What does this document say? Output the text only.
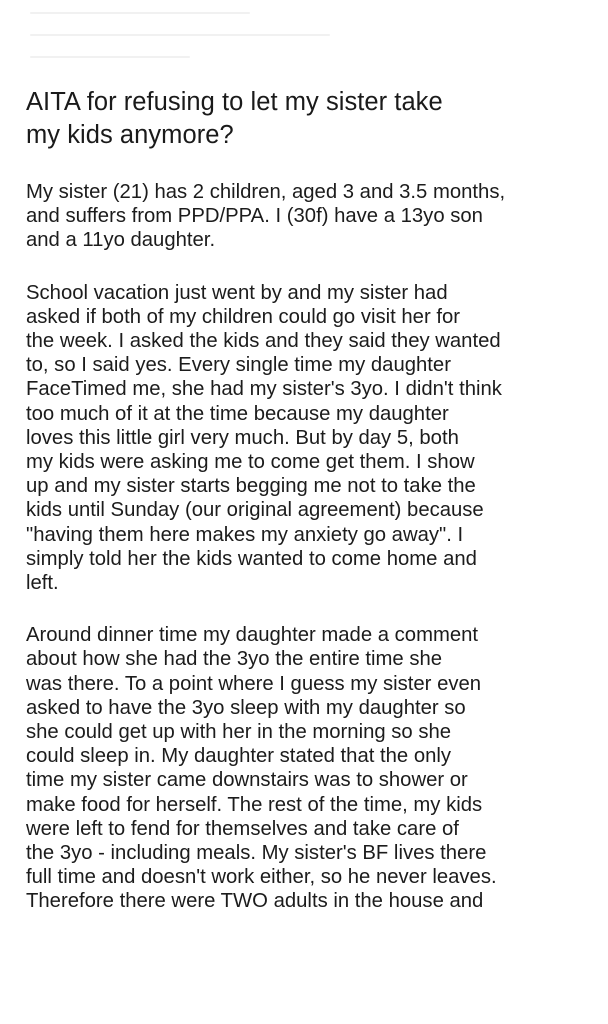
AITA for refusing to let my sister take
my kids anymore?

My sister (21) has 2 children, aged 3 and 3.5 months,
and suffers from PPD/PPA. I (30f) have a 13yo son
and a 11yo daughter.

School vacation just went by and my sister had
asked if both of my children could go visit her for
the week. I asked the kids and they said they wanted
to, so I said yes. Every single time my daughter
FaceTimed me, she had my sister's 3yo. I didn't think
too much of it at the time because my daughter
loves this little girl very much. But by day 5, both
my kids were asking me to come get them. I show
up and my sister starts begging me not to take the
kids until Sunday (our original agreement) because
"having them here makes my anxiety go away". I
simply told her the kids wanted to come home and
left.

Around dinner time my daughter made a comment
about how she had the 3yo the entire time she
was there. To a point where I guess my sister even
asked to have the 3yo sleep with my daughter so
she could get up with her in the morning so she
could sleep in. My daughter stated that the only
time my sister came downstairs was to shower or
make food for herself. The rest of the time, my kids
were left to fend for themselves and take care of
the 3yo - including meals. My sister's BF lives there
full time and doesn't work either, so he never leaves.
Therefore there were TWO adults in the house and
